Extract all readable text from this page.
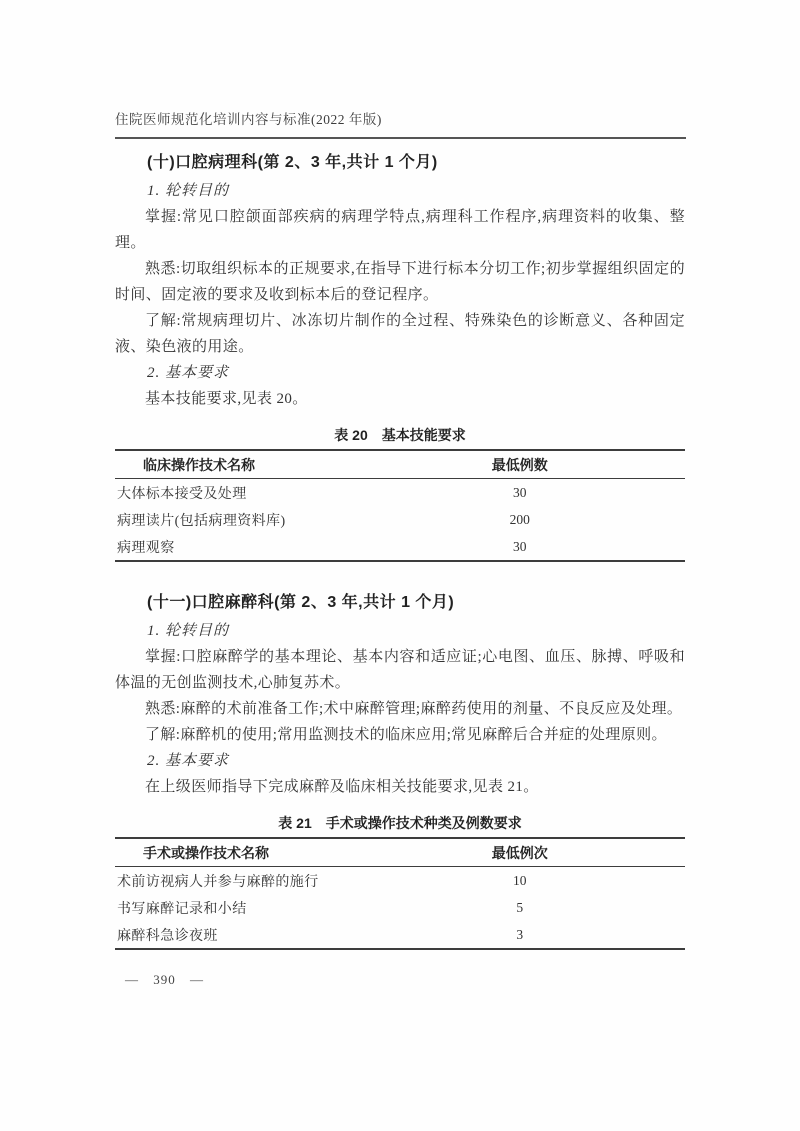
住院医师规范化培训内容与标准(2022 年版)
(十)口腔病理科(第 2、3 年,共计 1 个月)

1. 轮转目的

掌握:常见口腔颌面部疾病的病理学特点,病理科工作程序,病理资料的收集、整理。

熟悉:切取组织标本的正规要求,在指导下进行标本分切工作;初步掌握组织固定的时间、固定液的要求及收到标本后的登记程序。

了解:常规病理切片、冰冻切片制作的全过程、特殊染色的诊断意义、各种固定液、染色液的用途。

2. 基本要求

基本技能要求,见表 20。

表 20 基本技能要求
临床操作技术名称	最低例数	
大体标本接受及处理	30	
病理读片(包括病理资料库)	200	
病理观察	30	
(十一)口腔麻醉科(第 2、3 年,共计 1 个月)

1. 轮转目的

掌握:口腔麻醉学的基本理论、基本内容和适应证;心电图、血压、脉搏、呼吸和体温的无创监测技术,心肺复苏术。

熟悉:麻醉的术前准备工作;术中麻醉管理;麻醉药使用的剂量、不良反应及处理。

了解:麻醉机的使用;常用监测技术的临床应用;常见麻醉后合并症的处理原则。

2. 基本要求

在上级医师指导下完成麻醉及临床相关技能要求,见表 21。

表 21 手术或操作技术种类及例数要求
手术或操作技术名称	最低例次	
术前访视病人并参与麻醉的施行	10	
书写麻醉记录和小结	5	
麻醉科急诊夜班	3	
— 390 —
